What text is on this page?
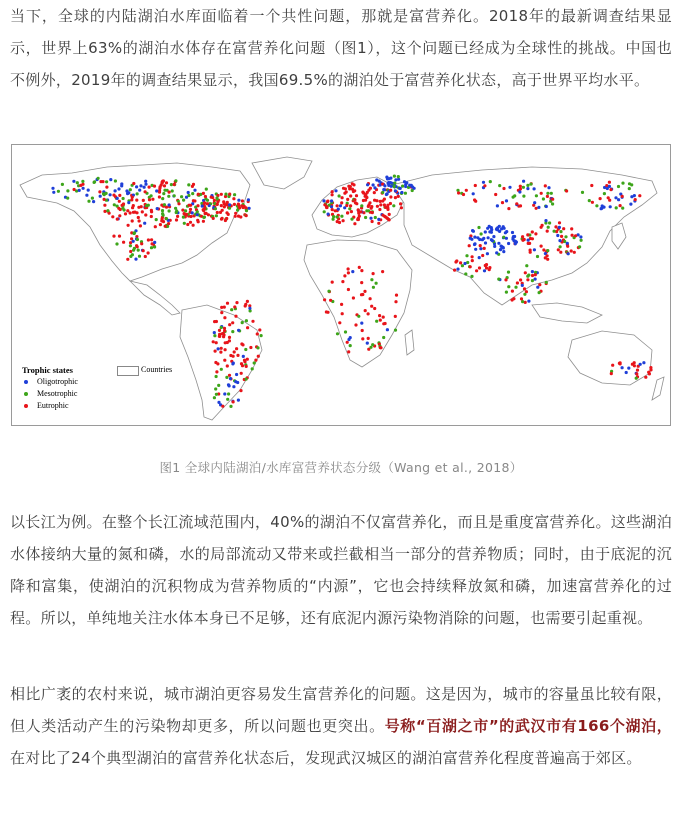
当下，全球的内陆湖泊水库面临着一个共性问题，那就是富营养化。2018年的最新调查结果显示，世界上63%的湖泊水体存在富营养化问题（图1），这个问题已经成为全球性的挑战。中国也不例外，2019年的调查结果显示，我国69.5%的湖泊处于富营养化状态，高于世界平均水平。

Trophic states	Countries
Oligotrophic
Mesotrophic
Eutrophic
图1 全球内陆湖泊/水库富营养状态分级（Wang et al., 2018）

以长江为例。在整个长江流域范围内，40%的湖泊不仅富营养化，而且是重度富营养化。这些湖泊水体接纳大量的氮和磷，水的局部流动又带来或拦截相当一部分的营养物质；同时，由于底泥的沉降和富集，使湖泊的沉积物成为营养物质的“内源”，它也会持续释放氮和磷，加速富营养化的过程。所以，单纯地关注水体本身已不足够，还有底泥内源污染物消除的问题，也需要引起重视。

相比广袤的农村来说，城市湖泊更容易发生富营养化的问题。这是因为，城市的容量虽比较有限，但人类活动产生的污染物却更多，所以问题也更突出。号称“百湖之市”的武汉市有166个湖泊，在对比了24个典型湖泊的富营养化状态后，发现武汉城区的湖泊富营养化程度普遍高于郊区。
